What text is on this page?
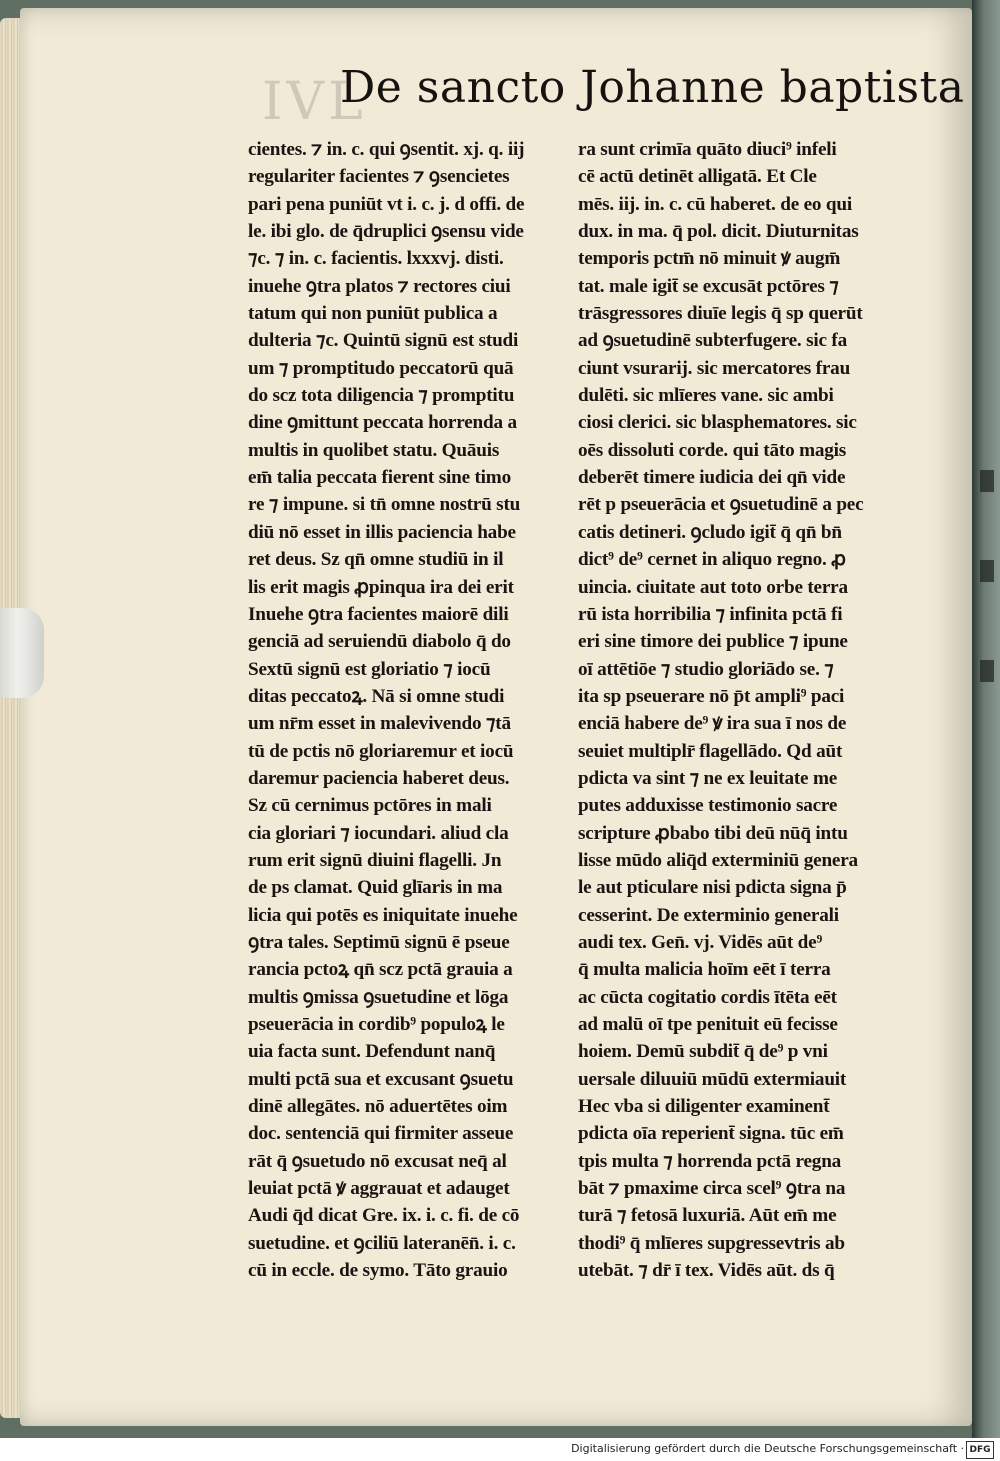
IVL
De sancto Johanne baptista
cientes. ⁊ in. c. qui ꝯsentit. xj. q. iij
regulariter facientes ⁊ ꝯsencietes
pari pena puniūt vt i. c. j. d offi. de
le. ibi glo. de q̄druplici ꝯsensu vide
⁊c. ⁊ in. c. facientis. lxxxvj. disti.
inuehe ꝯtra platos ⁊ rectores ciui
tatum qui non puniūt publica a
dulteria ⁊c. Quintū signū est studi
um ⁊ promptitudo peccatorū quā
do scz tota diligencia ⁊ promptitu
dine ꝯmittunt peccata horrenda a
multis in quolibet statu. Quāuis
em̄ talia peccata fierent sine timo
re ⁊ impune. si tn̄ omne nostrū stu
diū nō esset in illis paciencia habe
ret deus. Sz qn̄ omne studiū in il
lis erit magis ꝓpinqua ira dei erit
Inuehe ꝯtra facientes maiorē dili
genciā ad seruiendū diabolo q̄ do
Sextū signū est gloriatio ⁊ iocū
ditas peccatoꝝ. Nā si omne studi
um nr̄m esset in malevivendo ⁊tā
tū de pctis nō gloriaremur et iocū
daremur paciencia haberet deus.
Sz cū cernimus pctōres in mali
cia gloriari ⁊ iocundari. aliud cla
rum erit signū diuini flagelli. Jn
de ps clamat. Quid glīaris in ma
licia qui potēs es iniquitate inuehe
ꝯtra tales. Septimū signū ē pseue
rancia pctoꝝ qn̄ scz pctā grauia a
multis ꝯmissa ꝯsuetudine et lōga
pseuerācia in cordib⁹ populoꝝ le
uia facta sunt. Defendunt nanq̄
multi pctā sua et excusant ꝯsuetu
dinē allegātes. nō aduertētes oim
doc. sentenciā qui firmiter asseue
rāt q̄ ꝯsuetudo nō excusat neq̄ al
leuiat pctā ꝟ aggrauat et adauget
Audi q̄d dicat Gre. ix. i. c. fi. de cō
suetudine. et ꝯciliū lateranēn̄. i. c.
cū in eccle. de symo. Tāto grauio
ra sunt crimīa quāto diuci⁹ infeli
cē actū detinēt alligatā. Et Cle
mēs. iij. in. c. cū haberet. de eo qui
dux. in ma. q̄ pol. dicit. Diuturnitas
temporis pctm̄ nō minuit ꝟ augm̄
tat. male igit̄ se excusāt pctōres ⁊
trāsgressores diuīe legis q̄ sp querūt
ad ꝯsuetudinē subterfugere. sic fa
ciunt vsurarij. sic mercatores frau
dulēti. sic mlīeres vane. sic ambi
ciosi clerici. sic blasphematores. sic
oēs dissoluti corde. qui tāto magis
deberēt timere iudicia dei qn̄ vide
rēt p pseuerācia et ꝯsuetudinē a pec
catis detineri. ꝯcludo igit̄ q̄ qn̄ bn̄
dict⁹ de⁹ cernet in aliquo regno. ꝓ
uincia. ciuitate aut toto orbe terra
rū ista horribilia ⁊ infinita pctā fi
eri sine timore dei publice ⁊ ipune
oī attētiōe ⁊ studio gloriādo se. ⁊
ita sp pseuerare nō p̄t ampli⁹ paci
enciā habere de⁹ ꝟ ira sua ī nos de
seuiet multiplr̄ flagellādo. Qd aūt
pdicta va sint ⁊ ne ex leuitate me
putes adduxisse testimonio sacre
scripture ꝓbabo tibi deū nūq̄ intu
lisse mūdo aliq̄d exterminiū genera
le aut pticulare nisi pdicta signa p̄
cesserint. De exterminio generali
audi tex. Gen̄. vj. Vidēs aūt de⁹
q̄ multa malicia hoīm eēt ī terra
ac cūcta cogitatio cordis ītēta eēt
ad malū oī tpe penituit eū fecisse
hoiem. Demū subdit̄ q̄ de⁹ p vni
uersale diluuiū mūdū extermiauit
Hec vba si diligenter examinent̄
pdicta oīa reperient̄ signa. tūc em̄
tpis multa ⁊ horrenda pctā regna
bāt ⁊ pmaxime circa scel⁹ ꝯtra na
turā ⁊ fetosā luxuriā. Aūt em̄ me
thodi⁹ q̄ mlīeres supgressevtris ab
utebāt. ⁊ dr̄ ī tex. Vidēs aūt. ds q̄
Digitalisierung gefördert durch die Deutsche Forschungsgemeinschaft · DFG
